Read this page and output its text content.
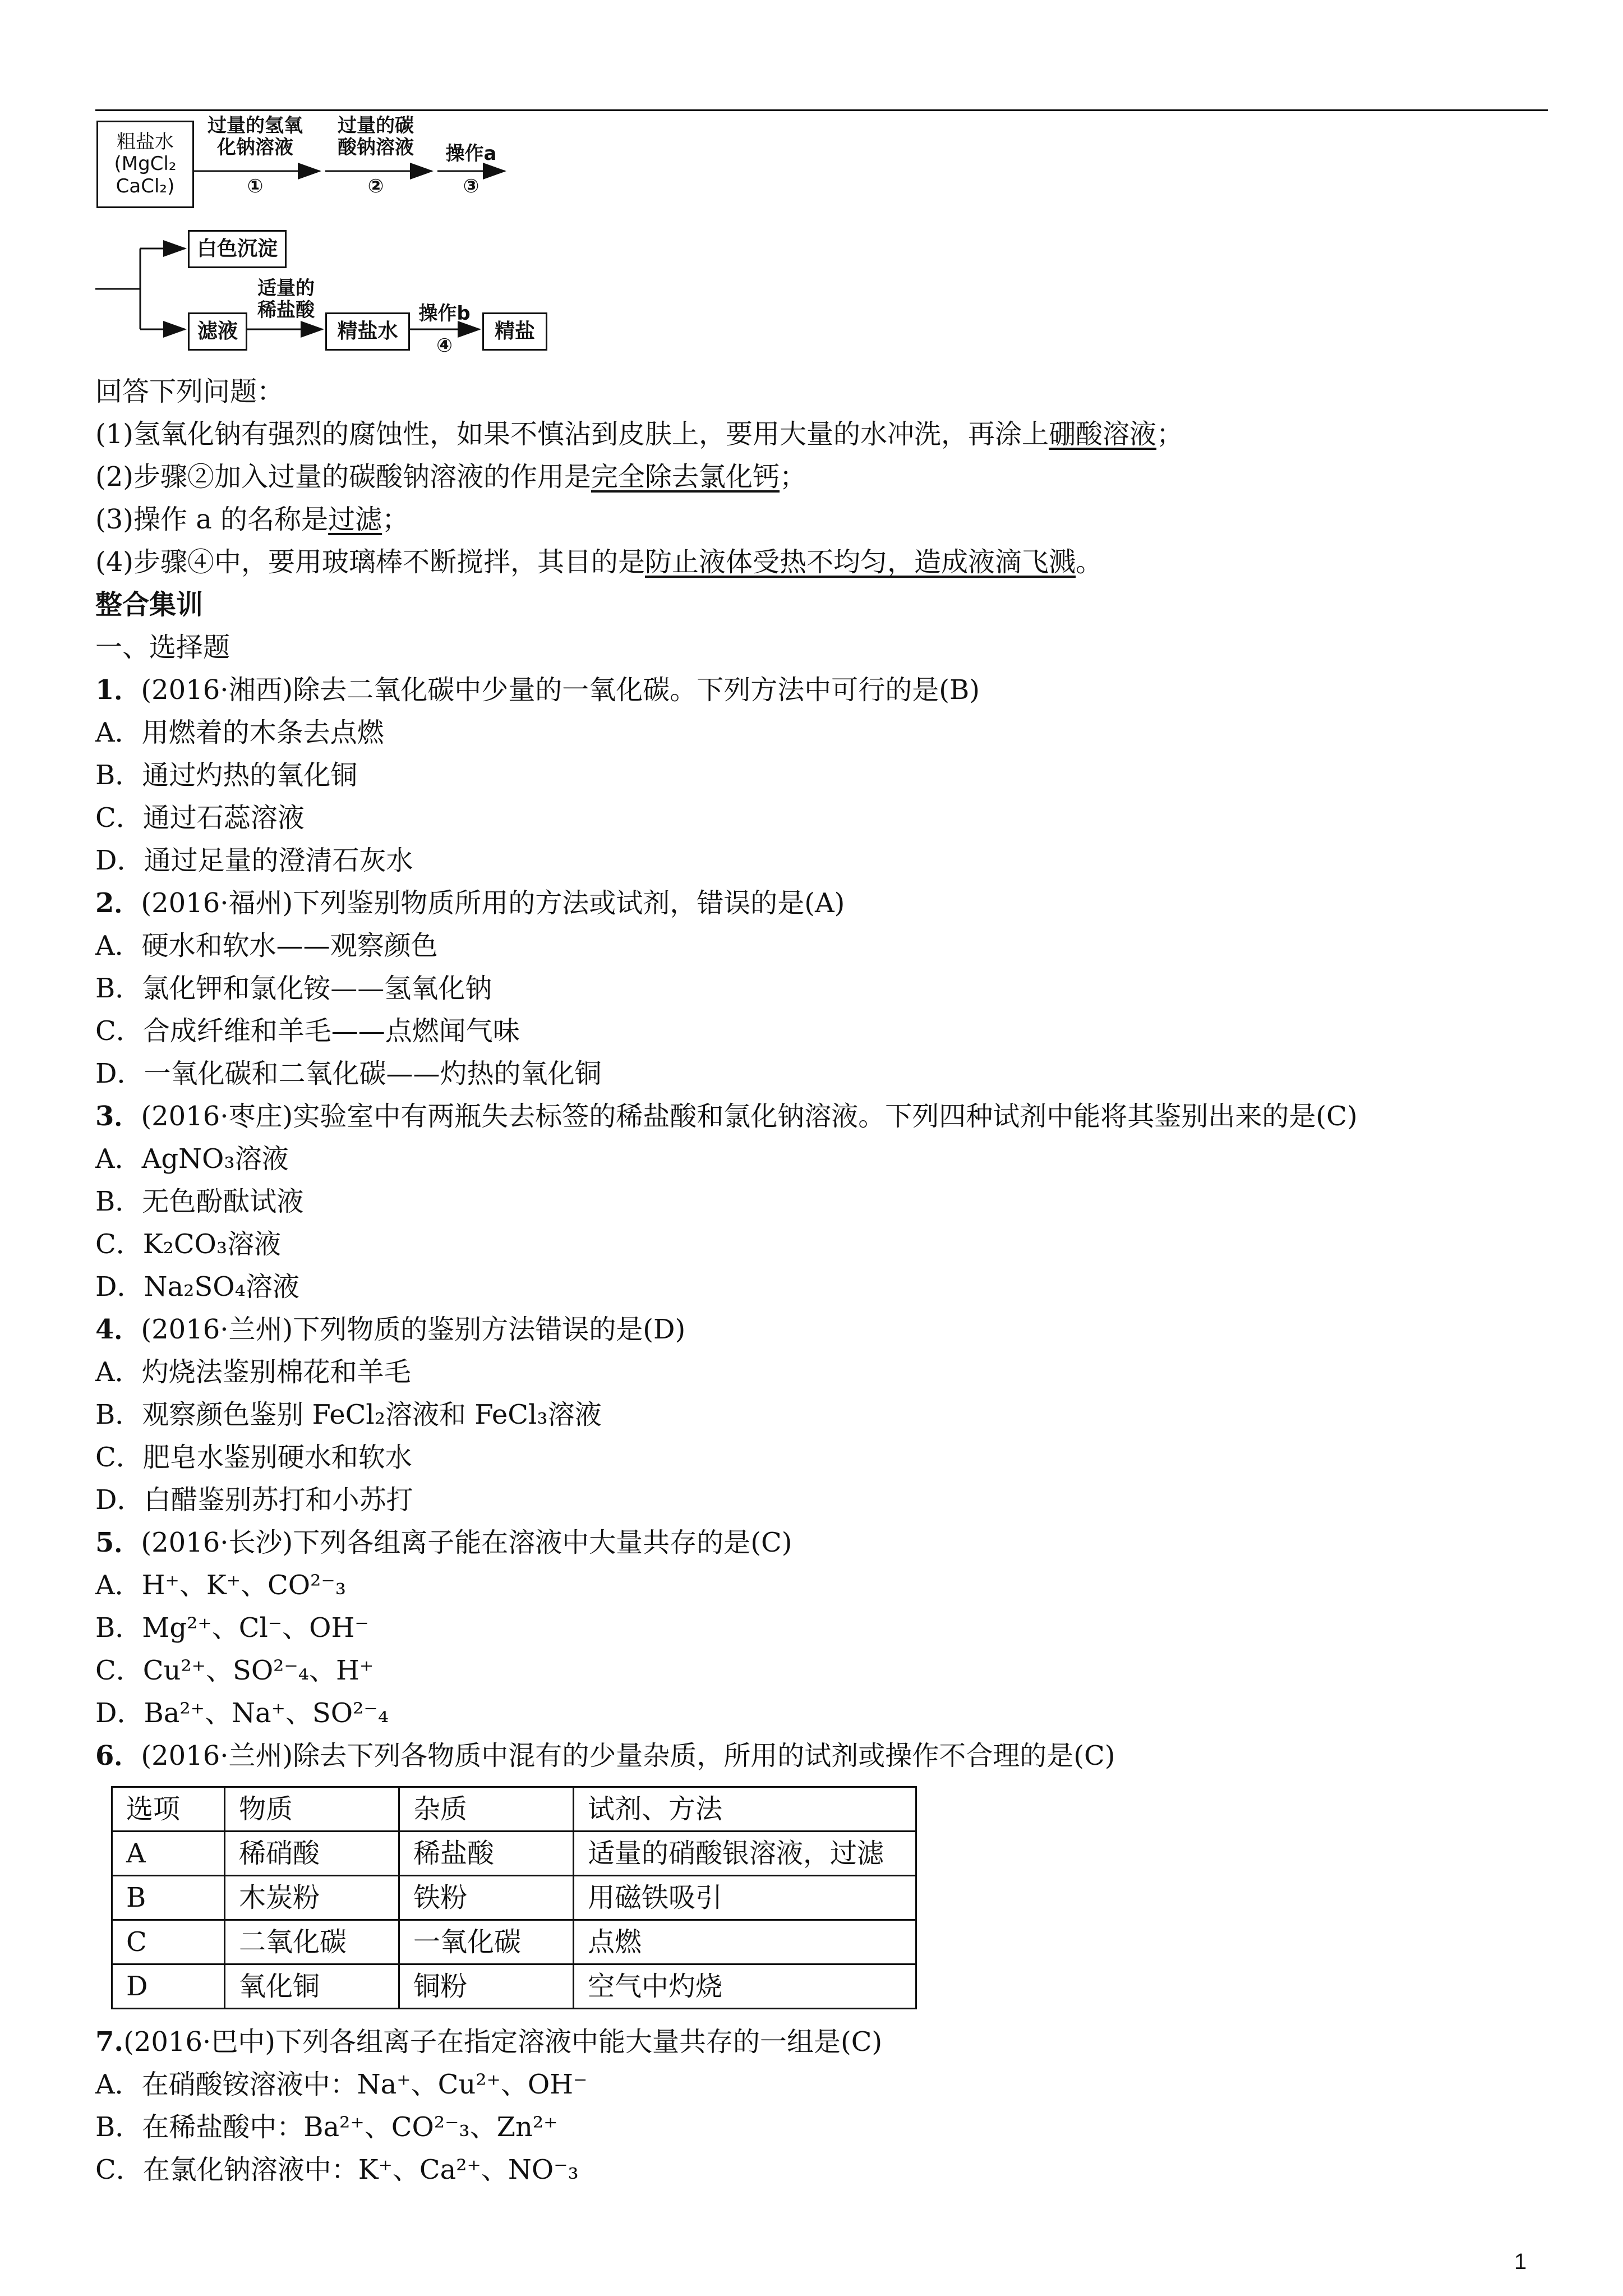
粗盐水
(MgCl₂
CaCl₂)
过量的氢氧
化钠溶液
①
过量的碳
酸钠溶液
②
操作a
③
白色沉淀
滤液
适量的
稀盐酸
精盐水
操作b
④
精盐
回答下列问题：
(1)氢氧化钠有强烈的腐蚀性，如果不慎沾到皮肤上，要用大量的水冲洗，再涂上硼酸溶液；
(2)步骤②加入过量的碳酸钠溶液的作用是完全除去氯化钙；
(3)操作 a 的名称是过滤；
(4)步骤④中，要用玻璃棒不断搅拌，其目的是防止液体受热不均匀，造成液滴飞溅。
整合集训
一、选择题
1．(2016·湘西)除去二氧化碳中少量的一氧化碳。下列方法中可行的是(B)
A．用燃着的木条去点燃
B．通过灼热的氧化铜
C．通过石蕊溶液
D．通过足量的澄清石灰水
2．(2016·福州)下列鉴别物质所用的方法或试剂，错误的是(A)
A．硬水和软水——观察颜色
B．氯化钾和氯化铵——氢氧化钠
C．合成纤维和羊毛——点燃闻气味
D．一氧化碳和二氧化碳——灼热的氧化铜
3．(2016·枣庄)实验室中有两瓶失去标签的稀盐酸和氯化钠溶液。下列四种试剂中能将其鉴别出来的是(C)
A．AgNO₃溶液
B．无色酚酞试液
C．K₂CO₃溶液
D．Na₂SO₄溶液
4．(2016·兰州)下列物质的鉴别方法错误的是(D)
A．灼烧法鉴别棉花和羊毛
B．观察颜色鉴别 FeCl₂溶液和 FeCl₃溶液
C．肥皂水鉴别硬水和软水
D．白醋鉴别苏打和小苏打
5．(2016·长沙)下列各组离子能在溶液中大量共存的是(C)
A．H⁺、K⁺、CO²⁻₃
B．Mg²⁺、Cl⁻、OH⁻
C．Cu²⁺、SO²⁻₄、H⁺
D．Ba²⁺、Na⁺、SO²⁻₄
6．(2016·兰州)除去下列各物质中混有的少量杂质，所用的试剂或操作不合理的是(C)
选项	物质	杂质	试剂、方法
A	稀硝酸	稀盐酸	适量的硝酸银溶液，过滤
B	木炭粉	铁粉	用磁铁吸引
C	二氧化碳	一氧化碳	点燃
D	氧化铜	铜粉	空气中灼烧
7.(2016·巴中)下列各组离子在指定溶液中能大量共存的一组是(C)
A．在硝酸铵溶液中：Na⁺、Cu²⁺、OH⁻
B．在稀盐酸中：Ba²⁺、CO²⁻₃、Zn²⁺
C．在氯化钠溶液中：K⁺、Ca²⁺、NO⁻₃
1
